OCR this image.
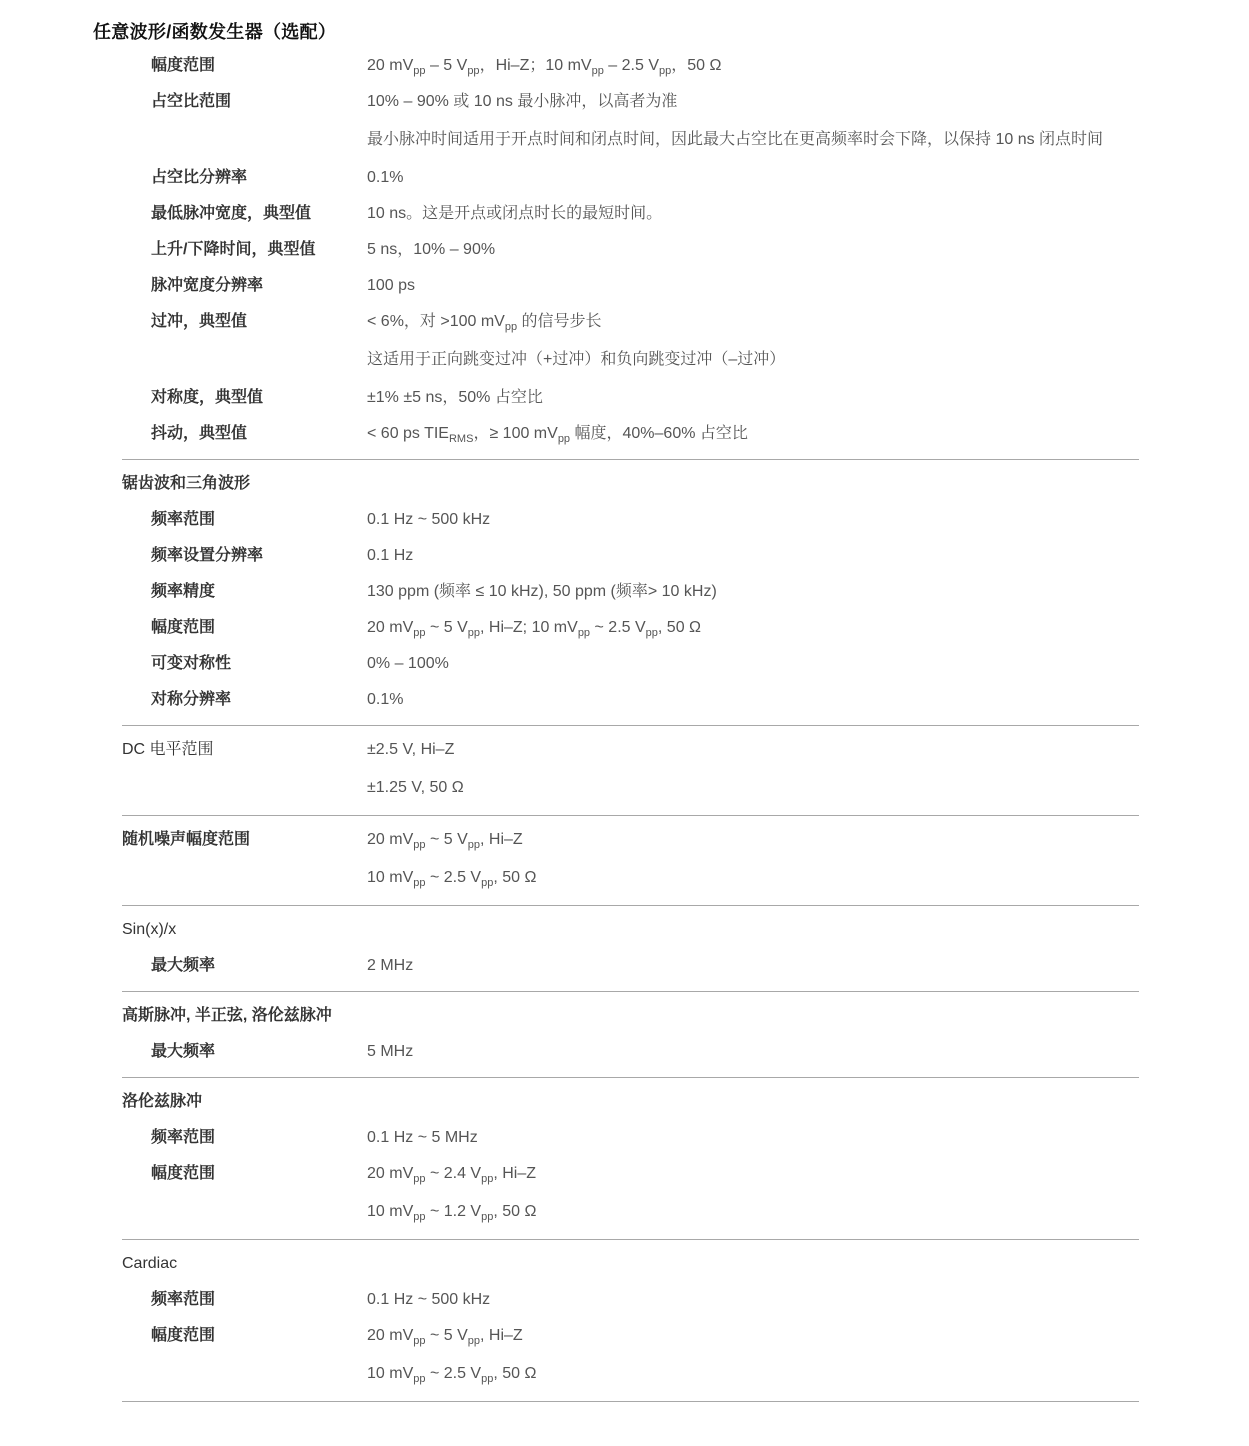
任意波形/函数发生器（选配）
幅度范围	20 $mV_{pp} - 5$ $V_{pp}$，Hi–Z；10 $mV_{pp} - 2.5$ $V_{pp}$，50 Ω
占空比范围	10% – 90% 或 10 ns 最小脉冲，以高者为准
最小脉冲时间适用于开点时间和闭点时间，因此最大占空比在更高频率时会下降，以保持 10 ns 闭点时间
占空比分辨率	0.1%
最低脉冲宽度，典型值	10 ns。这是开点或闭点时长的最短时间。
上升/下降时间，典型值	5 ns，10% – 90%
脉冲宽度分辨率	100 ps
过冲，典型值	< 6%，对 >100 $mV_{pp}$ 的信号步长
这适用于正向跳变过冲（+过冲）和负向跳变过冲（–过冲）
对称度，典型值	±1% ±5 ns，50% 占空比
抖动，典型值	< 60 ps $TIE_{RMS}$，≥ 100 $mV_{pp}$ 幅度，40%–60% 占空比
锯齿波和三角波形
频率范围	0.1 Hz ~ 500 kHz
频率设置分辨率	0.1 Hz
频率精度	130 ppm (频率 ≤ 10 kHz), 50 ppm (频率> 10 kHz)
幅度范围	20 $mV_{pp}$ ~ 5 $V_{pp}$, Hi–Z; 10 $mV_{pp}$ ~ 2.5 $V_{pp}$, 50 Ω
可变对称性	0% – 100%
对称分辨率	0.1%
DC 电平范围	±2.5 V, Hi–Z
±1.25 V, 50 Ω
随机噪声幅度范围	20 $mV_{pp}$ ~ 5 $V_{pp}$, Hi–Z
10 $mV_{pp}$ ~ 2.5 $V_{pp}$, 50 Ω
Sin(x)/x
最大频率	2 MHz
高斯脉冲, 半正弦, 洛伦兹脉冲
最大频率	5 MHz
洛伦兹脉冲
频率范围	0.1 Hz ~ 5 MHz
幅度范围	20 $mV_{pp}$ ~ 2.4 $V_{pp}$, Hi–Z
10 $mV_{pp}$ ~ 1.2 $V_{pp}$, 50 Ω
Cardiac
频率范围	0.1 Hz ~ 500 kHz
幅度范围	20 $mV_{pp}$ ~ 5 $V_{pp}$, Hi–Z
10 $mV_{pp}$ ~ 2.5 $V_{pp}$, 50 Ω
